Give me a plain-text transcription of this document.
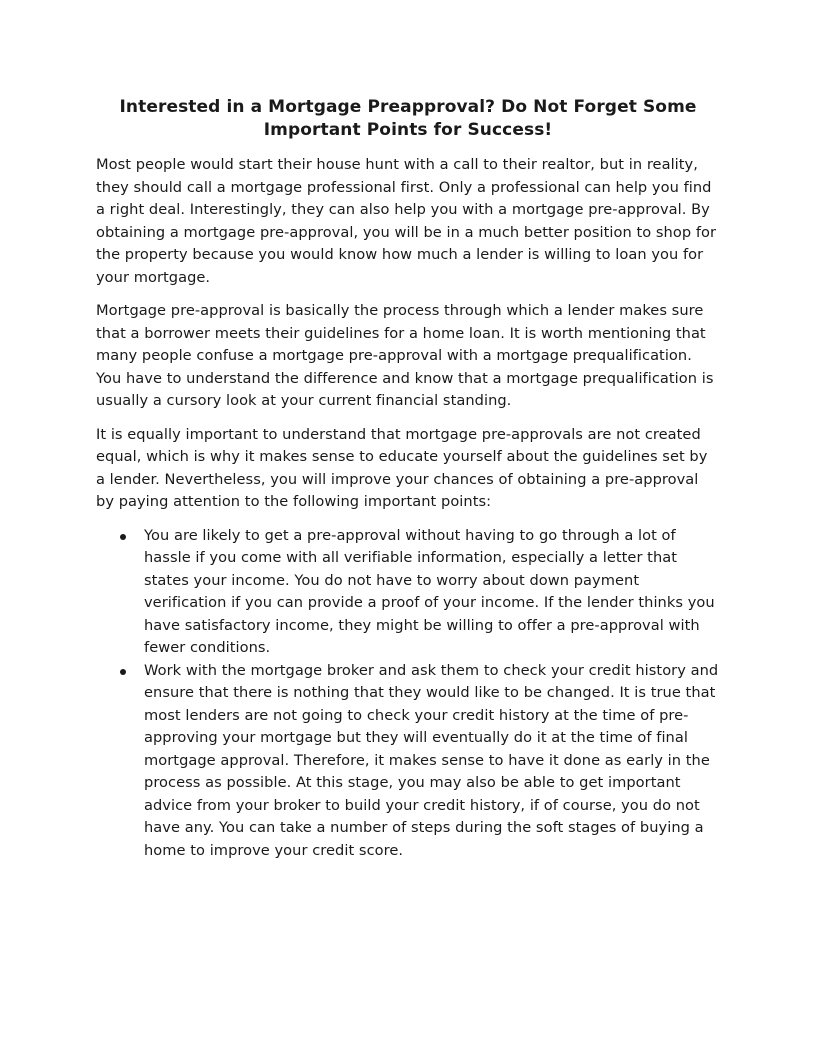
Interested in a Mortgage Preapproval? Do Not Forget Some
Important Points for Success!

Most people would start their house hunt with a call to their realtor, but in reality, they should call a mortgage professional first. Only a professional can help you find a right deal. Interestingly, they can also help you with a mortgage pre-approval. By obtaining a mortgage pre-approval, you will be in a much better position to shop for the property because you would know how much a lender is willing to loan you for your mortgage.

Mortgage pre-approval is basically the process through which a lender makes sure that a borrower meets their guidelines for a home loan. It is worth mentioning that many people confuse a mortgage pre-approval with a mortgage prequalification. You have to understand the difference and know that a mortgage prequalification is usually a cursory look at your current financial standing.

It is equally important to understand that mortgage pre-approvals are not created equal, which is why it makes sense to educate yourself about the guidelines set by a lender. Nevertheless, you will improve your chances of obtaining a pre-approval by paying attention to the following important points:

You are likely to get a pre-approval without having to go through a lot of hassle if you come with all verifiable information, especially a letter that states your income. You do not have to worry about down payment verification if you can provide a proof of your income. If the lender thinks you have satisfactory income, they might be willing to offer a pre-approval with fewer conditions.
Work with the mortgage broker and ask them to check your credit history and ensure that there is nothing that they would like to be changed. It is true that most lenders are not going to check your credit history at the time of pre-approving your mortgage but they will eventually do it at the time of final mortgage approval. Therefore, it makes sense to have it done as early in the process as possible. At this stage, you may also be able to get important advice from your broker to build your credit history, if of course, you do not have any. You can take a number of steps during the soft stages of buying a home to improve your credit score.
